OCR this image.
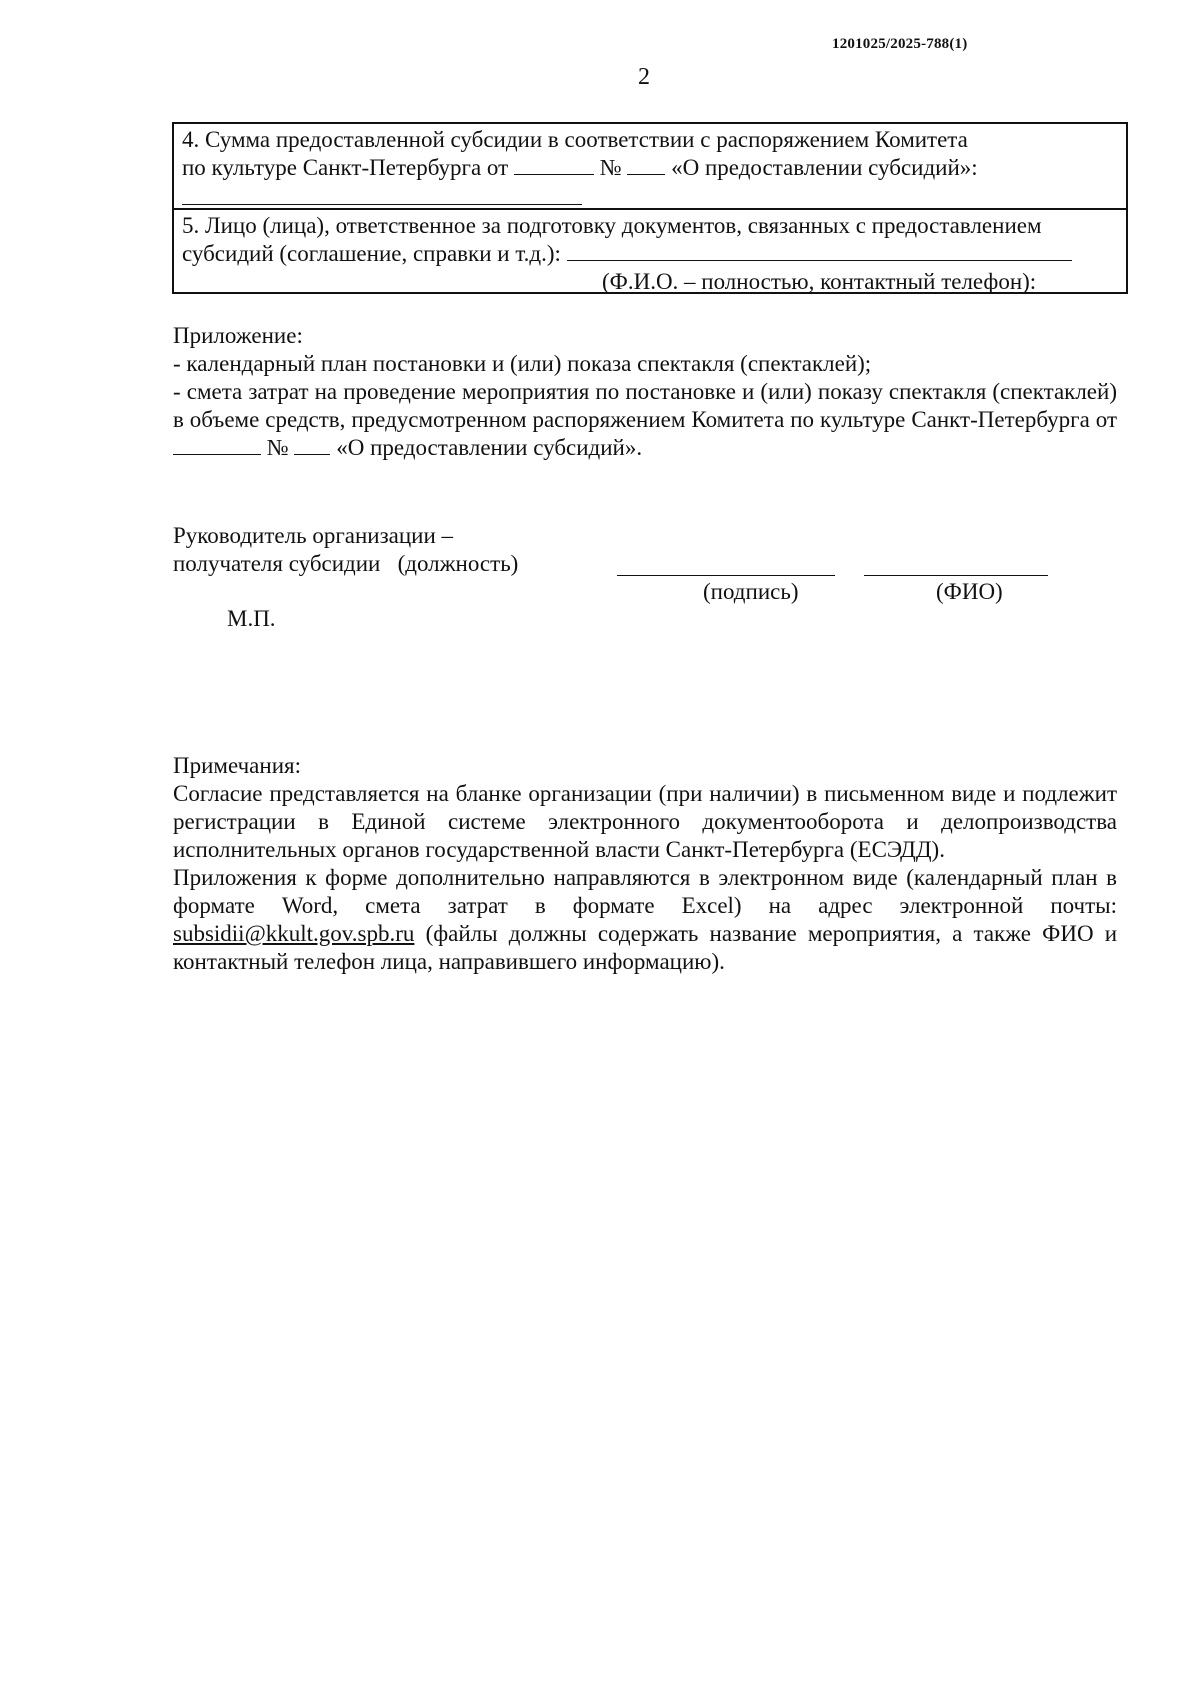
1201025/2025-788(1)
2
4. Сумма предоставленной субсидии в соответствии с распоряжением Комитета
по культуре Санкт-Петербурга от	№ «О предоставлении субсидий»:
5. Лицо (лица), ответственное за подготовку документов, связанных с предоставлением
субсидий (соглашение, справки и т.д.):
(Ф.И.О. – полностью, контактный телефон):

Приложение:

- календарный план постановки и (или) показа спектакля (спектаклей);

- смета затрат на проведение мероприятия по постановке и (или) показу спектакля (спектаклей) в объеме средств, предусмотренном распоряжением Комитета по культуре Санкт-Петербурга от  № «О предоставлении субсидий».

Руководитель организации –
получателя субсидии   (должность)
(подпись)	(ФИО)
М.П.

Примечания:

Согласие представляется на бланке организации (при наличии) в письменном виде и подлежит регистрации в Единой системе электронного документооборота и делопроизводства исполнительных органов государственной власти Санкт-Петербурга (ЕСЭДД).

Приложения к форме дополнительно направляются в электронном виде (календарный план в формате Word, смета затрат в формате Excel) на адрес электронной почты: subsidii@kkult.gov.spb.ru (файлы должны содержать название мероприятия, а также ФИО и контактный телефон лица, направившего информацию).
